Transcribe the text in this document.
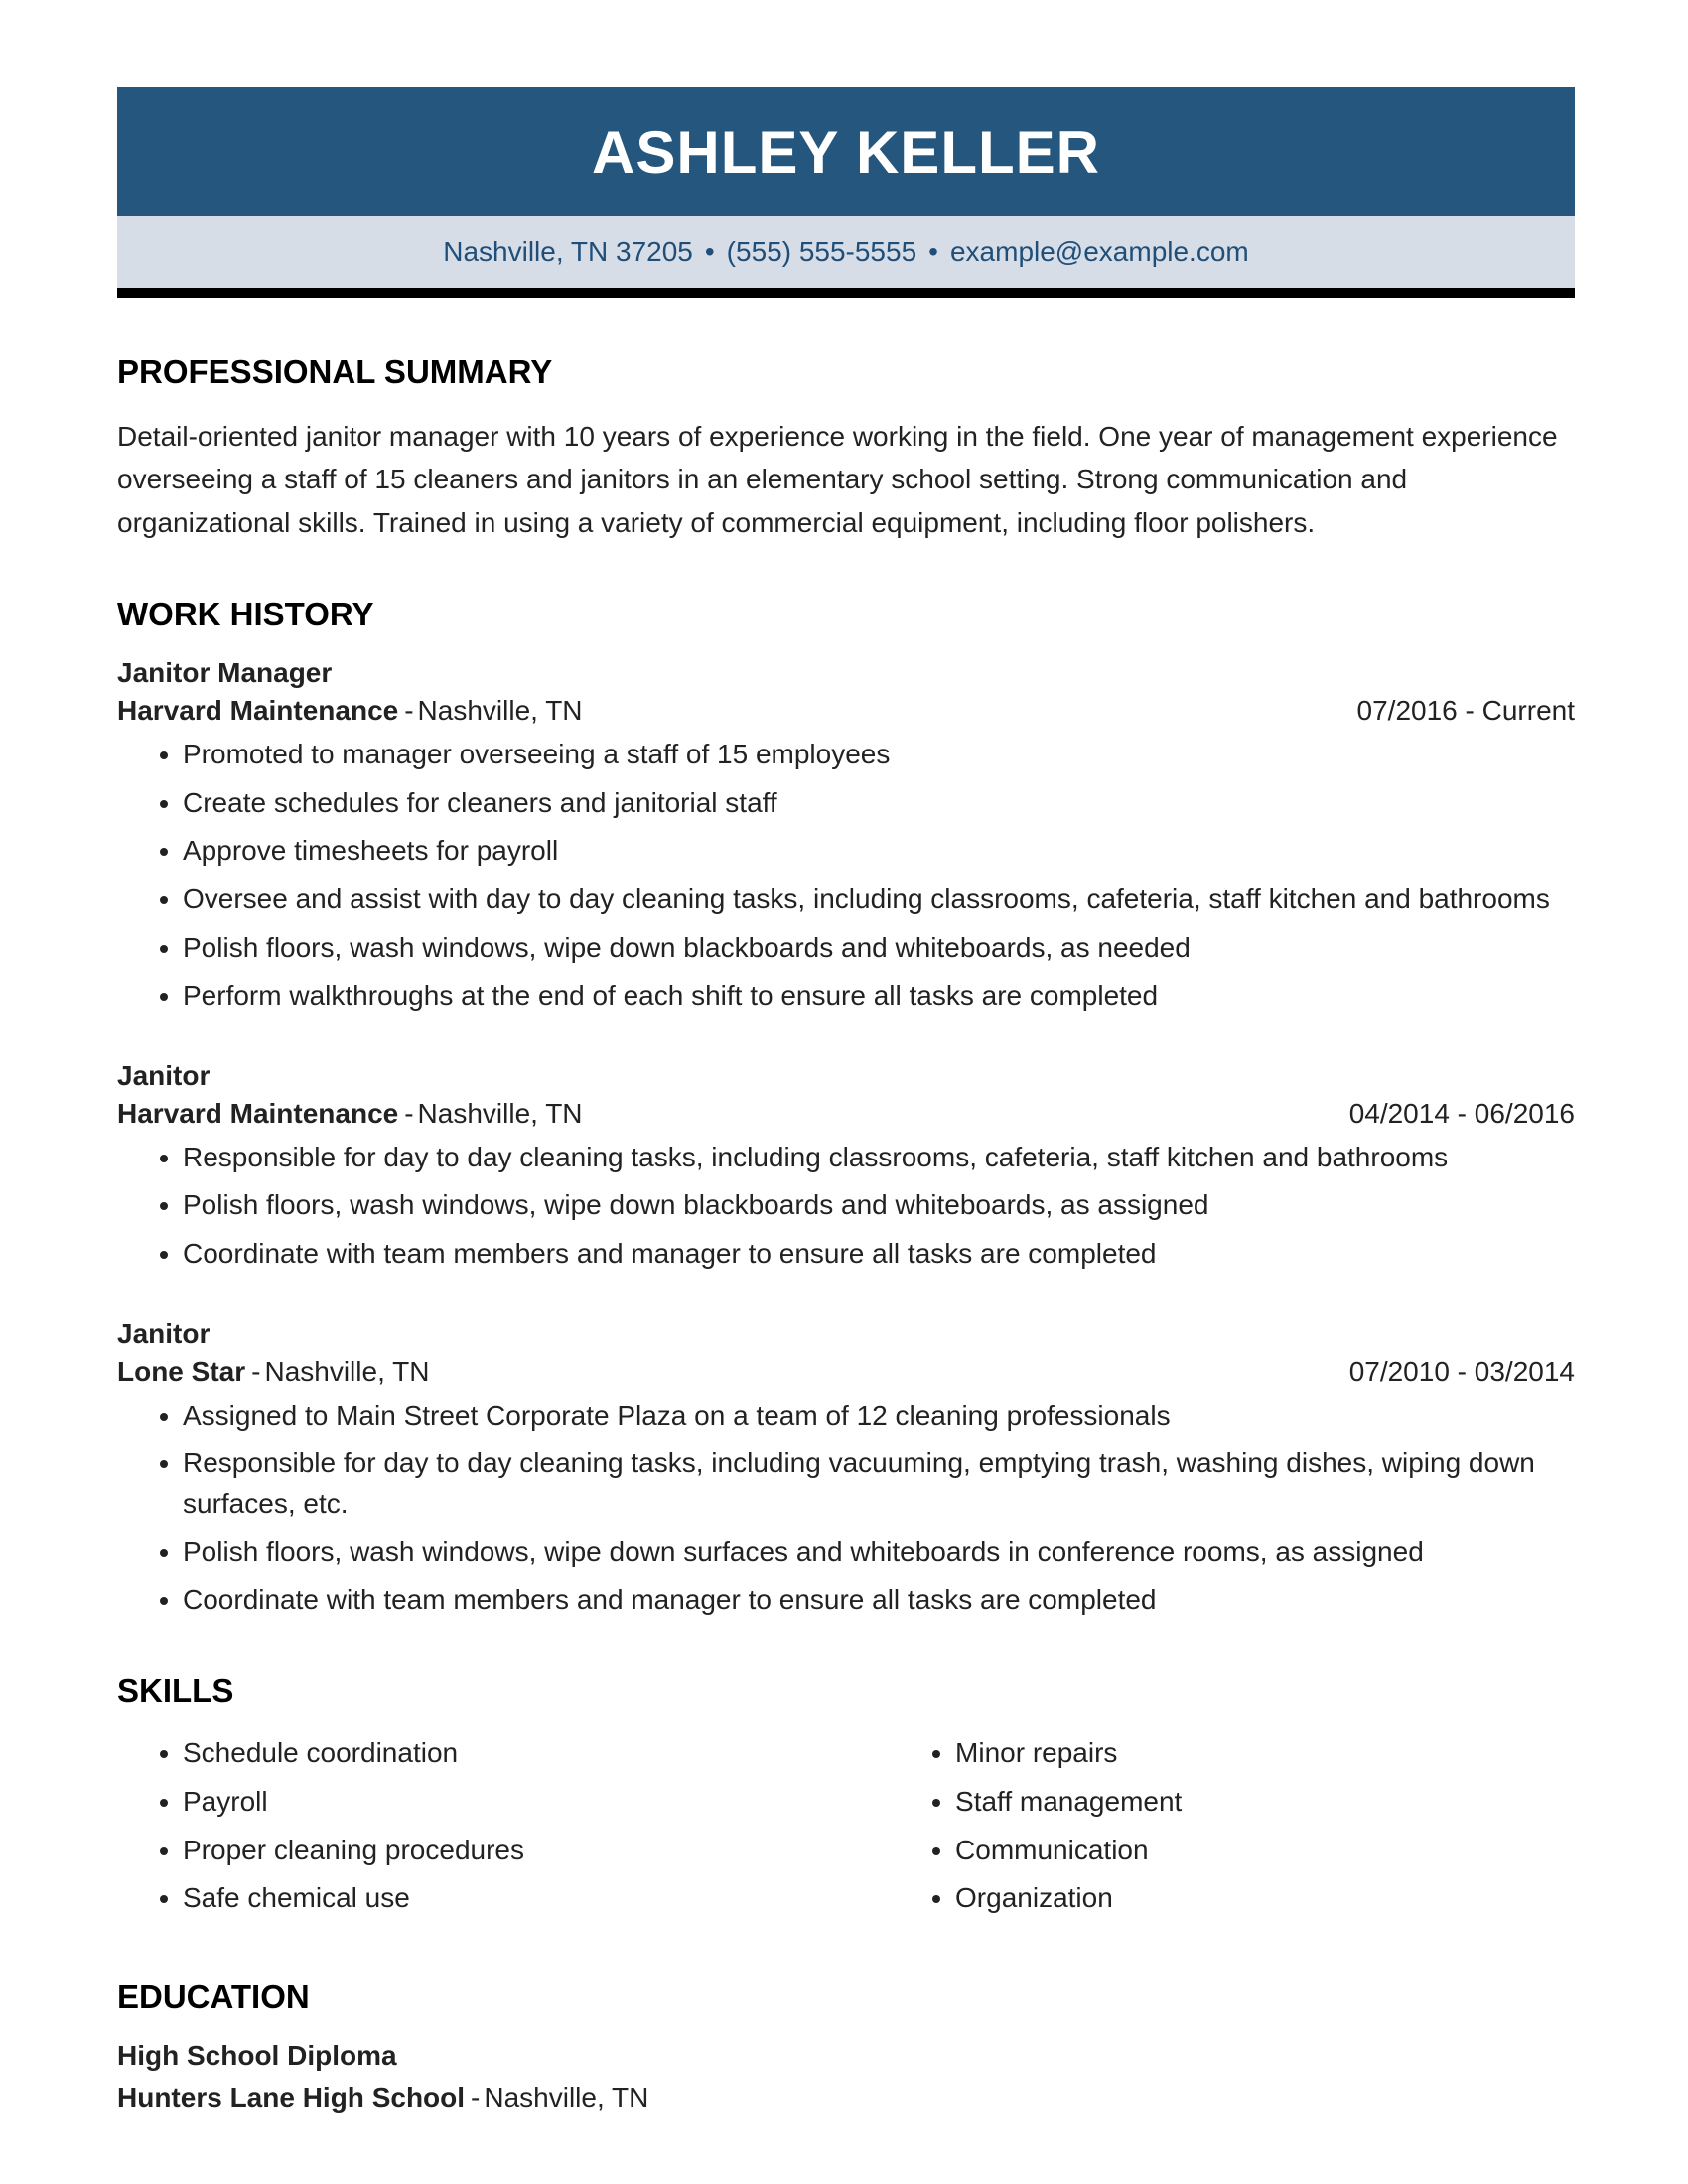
ASHLEY KELLER
Nashville, TN 37205 • (555) 555-5555 • example@example.com
PROFESSIONAL SUMMARY

Detail-oriented janitor manager with 10 years of experience working in the field. One year of management experience overseeing a staff of 15 cleaners and janitors in an elementary school setting. Strong communication and organizational skills. Trained in using a variety of commercial equipment, including floor polishers.

WORK HISTORY
Janitor Manager
Harvard Maintenance - Nashville, TN	07/2016 - Current
• Promoted to manager overseeing a staff of 15 employees
• Create schedules for cleaners and janitorial staff
• Approve timesheets for payroll
• Oversee and assist with day to day cleaning tasks, including classrooms, cafeteria, staff kitchen and bathrooms
• Polish floors, wash windows, wipe down blackboards and whiteboards, as needed
• Perform walkthroughs at the end of each shift to ensure all tasks are completed
Janitor
Harvard Maintenance - Nashville, TN	04/2014 - 06/2016
• Responsible for day to day cleaning tasks, including classrooms, cafeteria, staff kitchen and bathrooms
• Polish floors, wash windows, wipe down blackboards and whiteboards, as assigned
• Coordinate with team members and manager to ensure all tasks are completed
Janitor
Lone Star - Nashville, TN	07/2010 - 03/2014
• Assigned to Main Street Corporate Plaza on a team of 12 cleaning professionals
• Responsible for day to day cleaning tasks, including vacuuming, emptying trash, washing dishes, wiping down surfaces, etc.
• Polish floors, wash windows, wipe down surfaces and whiteboards in conference rooms, as assigned
• Coordinate with team members and manager to ensure all tasks are completed
SKILLS
• Schedule coordination
• Payroll
• Proper cleaning procedures
• Safe chemical use
• Minor repairs
• Staff management
• Communication
• Organization
EDUCATION
High School Diploma
Hunters Lane High School - Nashville, TN
